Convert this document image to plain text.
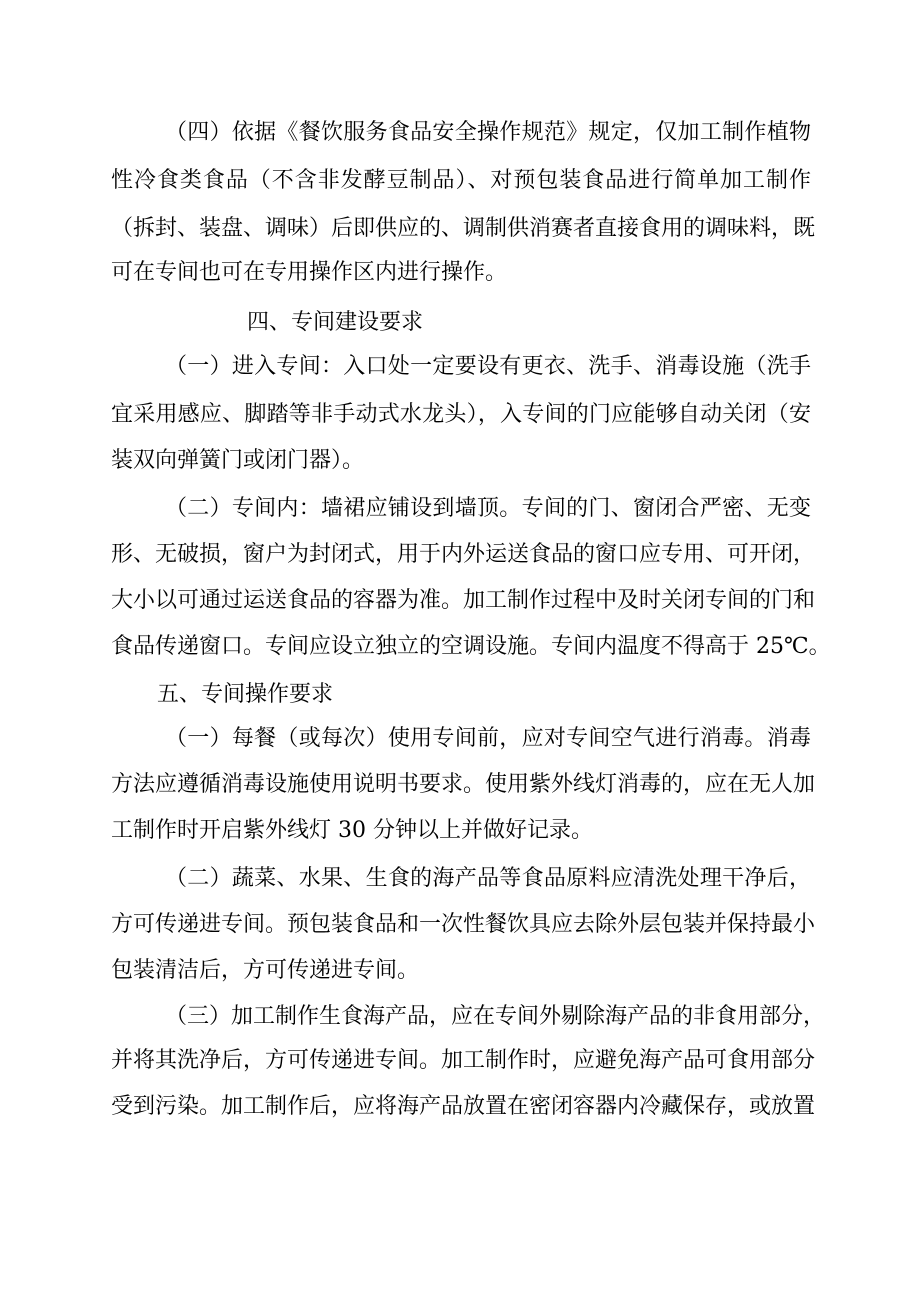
（四）依据《餐饮服务食品安全操作规范》规定，仅加工制作植物
性冷食类食品（不含非发酵豆制品）、对预包装食品进行简单加工制作
（拆封、装盘、调味）后即供应的、调制供消赛者直接食用的调味料，既
可在专间也可在专用操作区内进行操作。
四、专间建设要求
（一）进入专间：入口处一定要设有更衣、洗手、消毒设施（洗手
宜采用感应、脚踏等非手动式水龙头），入专间的门应能够自动关闭（安
装双向弹簧门或闭门器）。
（二）专间内：墙裙应铺设到墙顶。专间的门、窗闭合严密、无变
形、无破损，窗户为封闭式，用于内外运送食品的窗口应专用、可开闭，
大小以可通过运送食品的容器为准。加工制作过程中及时关闭专间的门和
食品传递窗口。专间应设立独立的空调设施。专间内温度不得高于 25℃。
五、专间操作要求
（一）每餐（或每次）使用专间前，应对专间空气进行消毒。消毒
方法应遵循消毒设施使用说明书要求。使用紫外线灯消毒的，应在无人加
工制作时开启紫外线灯 30 分钟以上并做好记录。
（二）蔬菜、水果、生食的海产品等食品原料应清洗处理干净后，
方可传递进专间。预包装食品和一次性餐饮具应去除外层包装并保持最小
包装清洁后，方可传递进专间。
（三）加工制作生食海产品，应在专间外剔除海产品的非食用部分，
并将其洗净后，方可传递进专间。加工制作时，应避免海产品可食用部分
受到污染。加工制作后，应将海产品放置在密闭容器内冷藏保存，或放置
